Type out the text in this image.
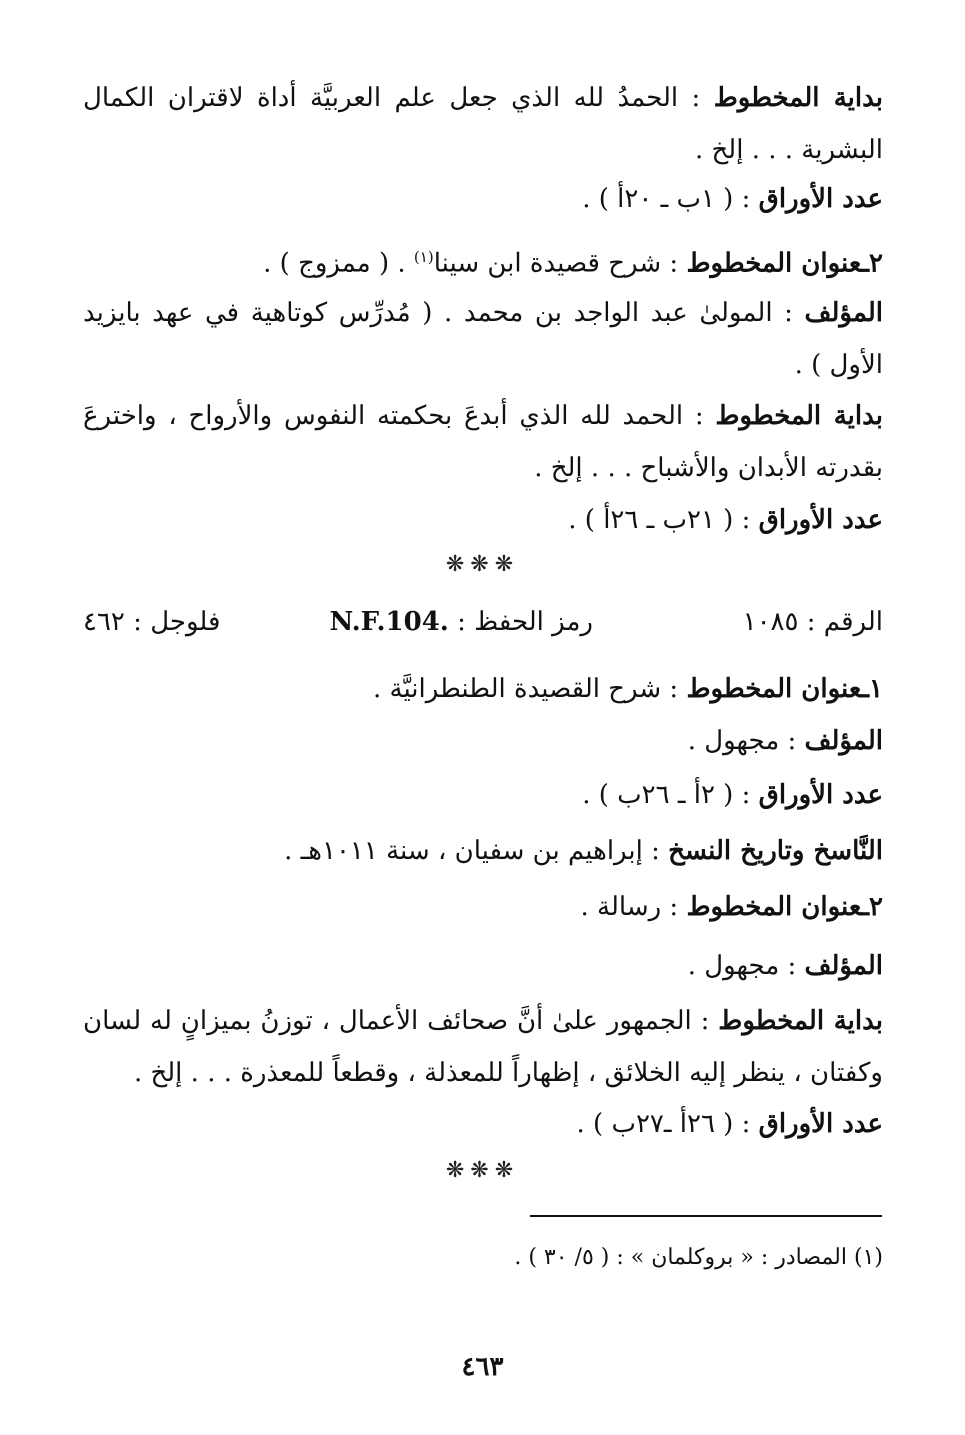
بداية المخطوط : الحمدُ لله الذي جعل علم العربيَّة أداة لاقتران الكمال البشرية . . . إلخ .
عدد الأوراق : ( ١ب ـ ٢٠أ ) .
٢ـعنوان المخطوط : شرح قصيدة ابن سينا$^{(١)}$ . ( ممزوج ) .
المؤلف : المولىٰ عبد الواجد بن محمد . ( مُدرِّس كوتاهية في عهد بايزيد الأول ) .
بداية المخطوط : الحمد لله الذي أبدعَ بحكمته النفوس والأرواح ، واخترعَ بقدرته الأبدان والأشباح . . . إلخ .
عدد الأوراق : ( ٢١ب ـ ٢٦أ ) .
١ـعنوان المخطوط : شرح القصيدة الطنطرانيَّة .
المؤلف : مجهول .
عدد الأوراق : ( ٢أ ـ ٢٦ب ) .
النَّاسخ وتاريخ النسخ : إبراهيم بن سفيان ، سنة ١٠١١هـ .
٢ـعنوان المخطوط : رسالة .
المؤلف : مجهول .
بداية المخطوط : الجمهور علىٰ أنَّ صحائف الأعمال ، توزنُ بميزانٍ له لسان وكفتان ، ينظر إليه الخلائق ، إظهاراً للمعذلة ، وقطعاً للمعذرة . . . إلخ .
عدد الأوراق : ( ٢٦أ ـ٢٧ب ) .
❋❋❋
❋❋❋
الرقم : ١٠٨٥
رمز الحفظ : N.F.104.
فلوجل : ٤٦٢
(١) المصادر : « بروكلمان » : ( ٥/ ٣٠ ) .
٤٦٣
